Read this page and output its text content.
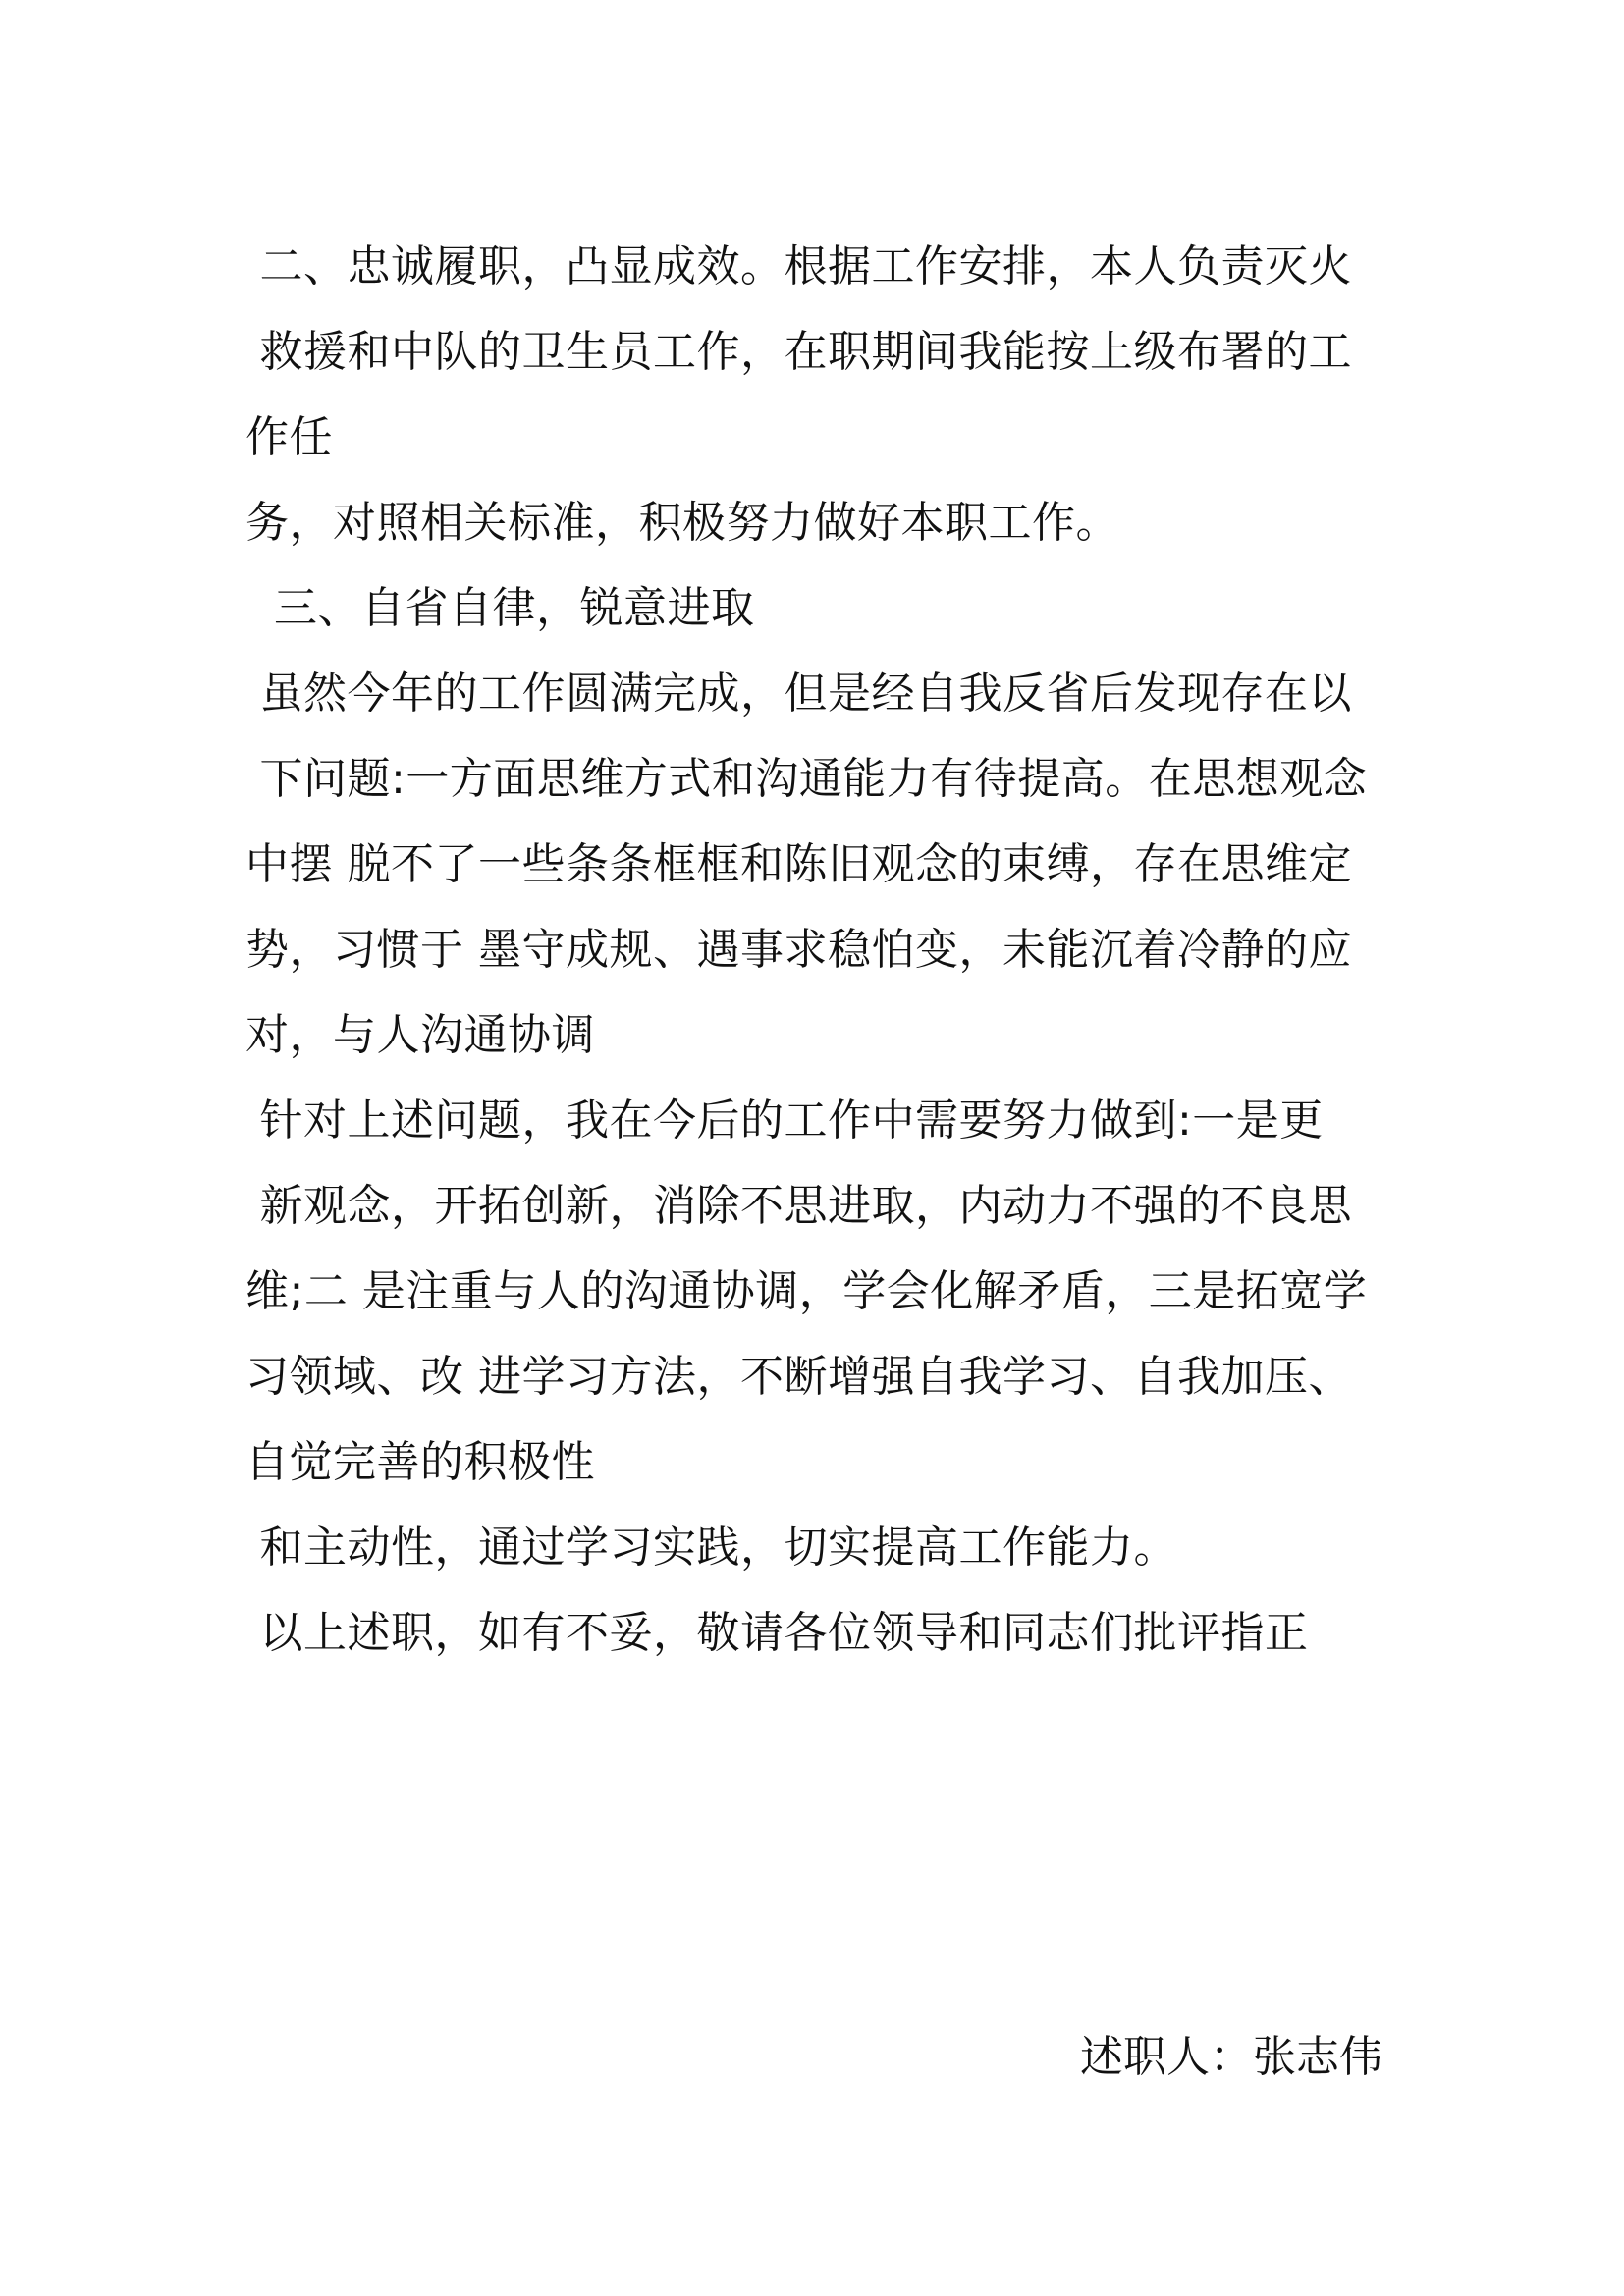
二、忠诚履职，凸显成效。根据工作安排，本人负责灭火
救援和中队的卫生员工作，在职期间我能按上级布署的工
作任
务，对照相关标准，积极努力做好本职工作。
三、自省自律，锐意进取
虽然今年的工作圆满完成，但是经自我反省后发现存在以
下问题:一方面思维方式和沟通能力有待提高。在思想观念
中摆 脱不了一些条条框框和陈旧观念的束缚，存在思维定
势，习惯于 墨守成规、遇事求稳怕变，未能沉着冷静的应
对，与人沟通协调
针对上述问题，我在今后的工作中需要努力做到:一是更
新观念，开拓创新，消除不思进取，内动力不强的不良思
维;二 是注重与人的沟通协调，学会化解矛盾，三是拓宽学
习领域、改 进学习方法，不断增强自我学习、自我加压、
自觉完善的积极性
和主动性，通过学习实践，切实提高工作能力。
以上述职，如有不妥，敬请各位领导和同志们批评指正
述职人：张志伟
